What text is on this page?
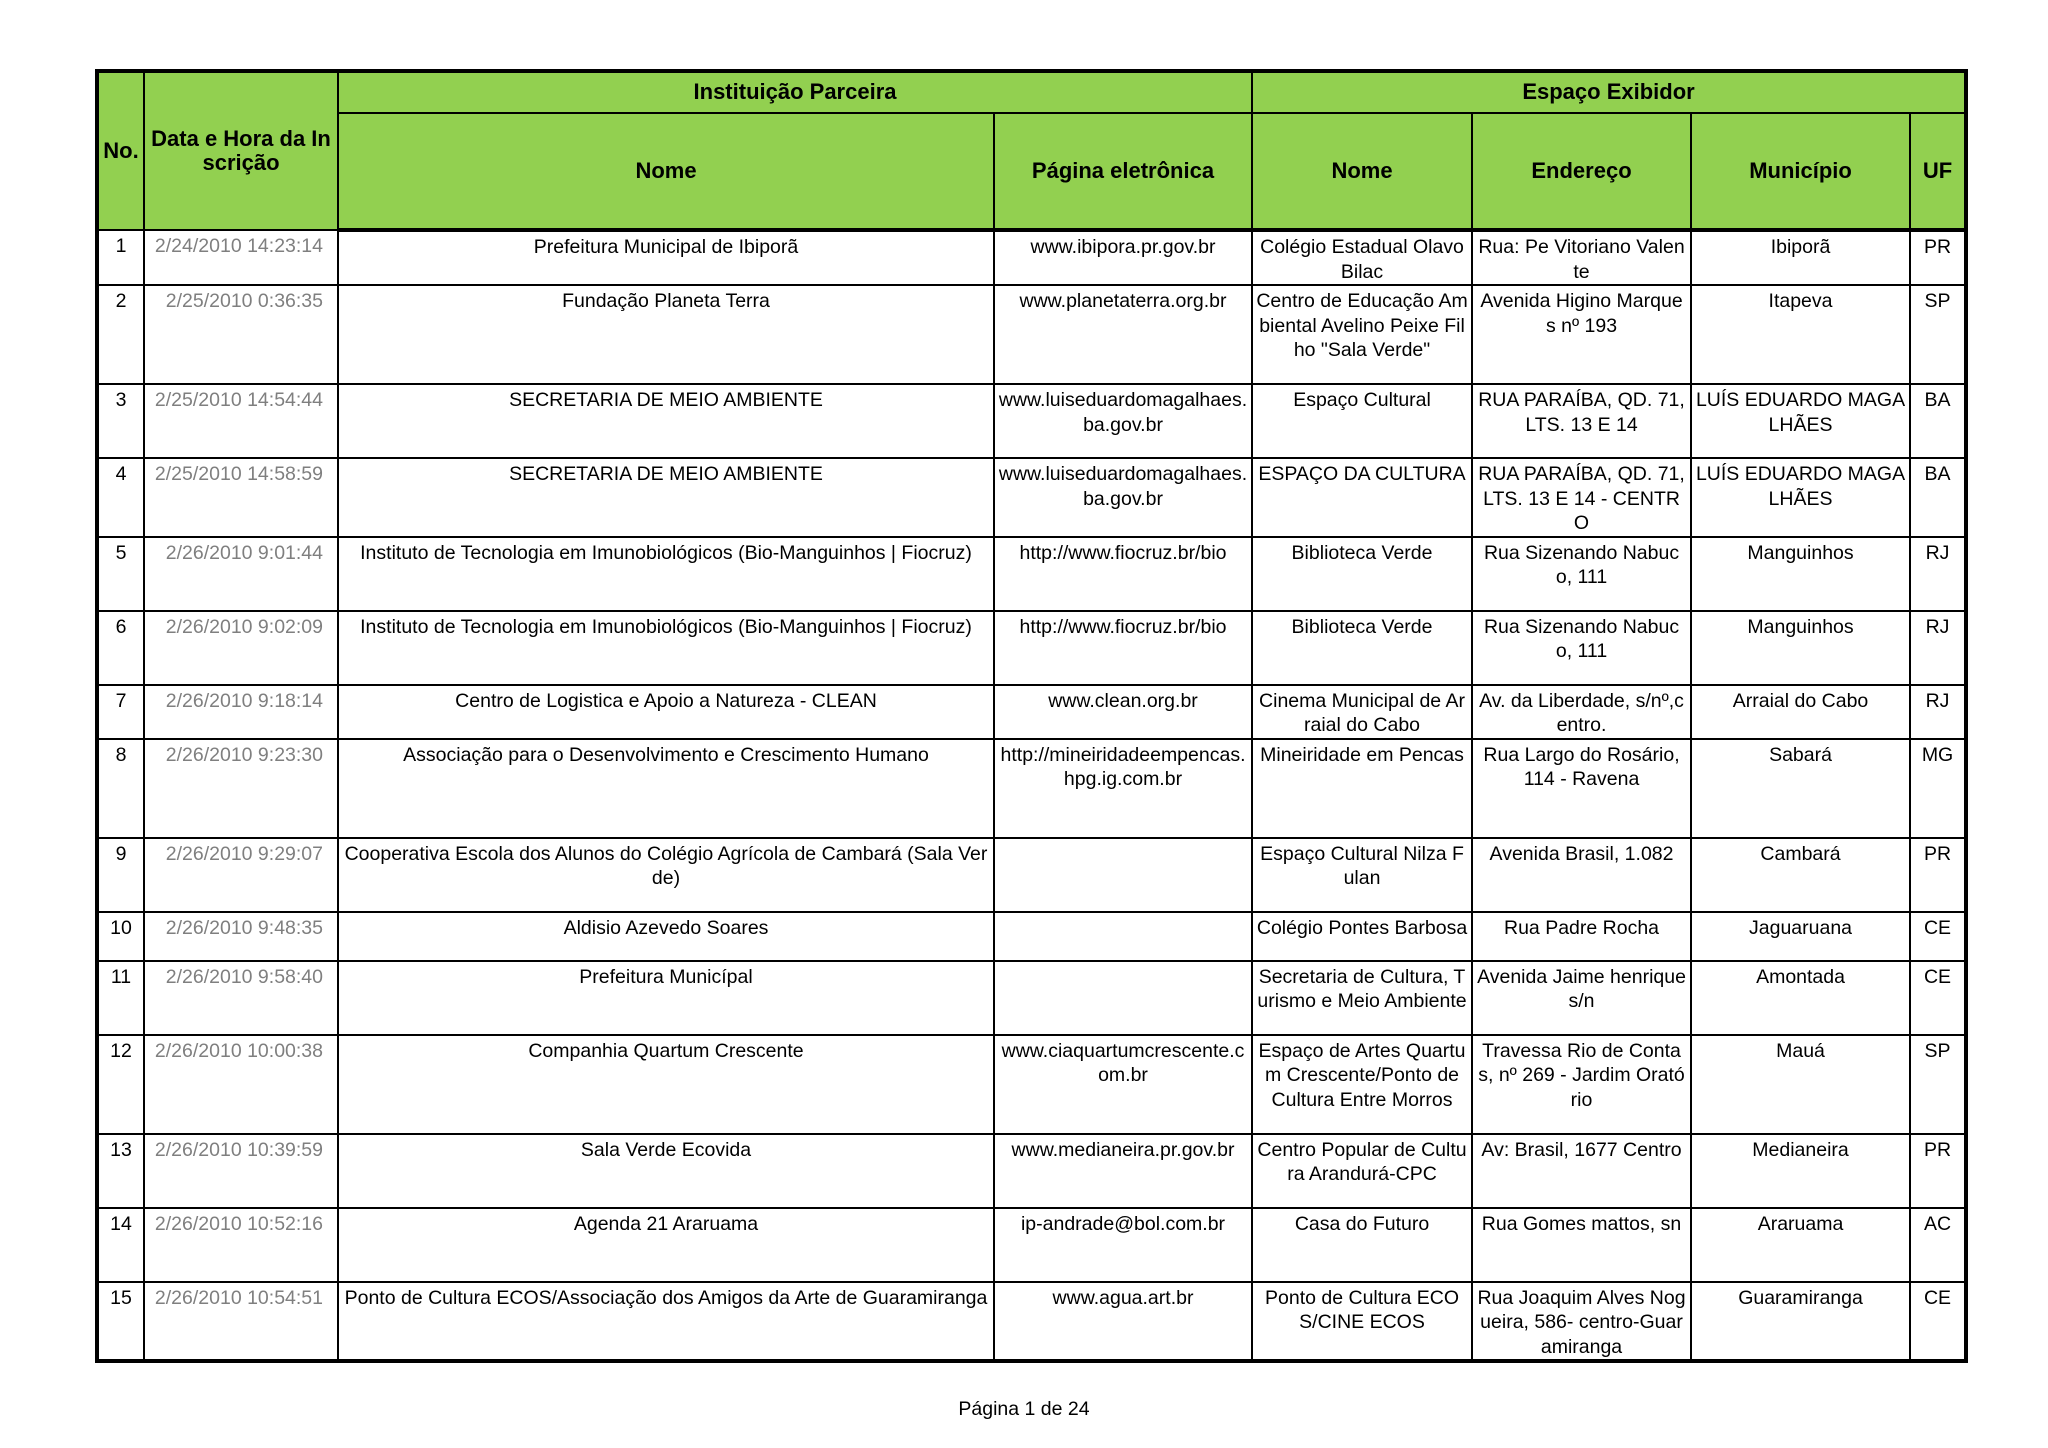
No.	Data e Hora da Inscrição	Instituição Parceira		Espaço Exibidor			
		Nome	Página eletrônica	Nome	Endereço	Município	UF
1	2/24/2010 14:23:14	Prefeitura Municipal de Ibiporã	www.ibipora.pr.gov.br	Colégio Estadual Olavo Bilac	Rua: Pe Vitoriano Valente	Ibiporã	PR
2	2/25/2010 0:36:35	Fundação Planeta Terra	www.planetaterra.org.br	Centro de Educação Ambiental Avelino Peixe Filho "Sala Verde"	Avenida Higino Marques nº 193	Itapeva	SP
3	2/25/2010 14:54:44	SECRETARIA DE MEIO AMBIENTE	www.luiseduardomagalhaes.ba.gov.br	Espaço Cultural	RUA PARAÍBA, QD. 71, LTS. 13 E 14	LUÍS EDUARDO MAGALHÃES	BA
4	2/25/2010 14:58:59	SECRETARIA DE MEIO AMBIENTE	www.luiseduardomagalhaes.ba.gov.br	ESPAÇO DA CULTURA	RUA PARAÍBA, QD. 71, LTS. 13 E 14 - CENTRO	LUÍS EDUARDO MAGALHÃES	BA
5	2/26/2010 9:01:44	Instituto de Tecnologia em Imunobiológicos (Bio-Manguinhos | Fiocruz)	http://www.fiocruz.br/bio	Biblioteca Verde	Rua Sizenando Nabuco, 111	Manguinhos	RJ
6	2/26/2010 9:02:09	Instituto de Tecnologia em Imunobiológicos (Bio-Manguinhos | Fiocruz)	http://www.fiocruz.br/bio	Biblioteca Verde	Rua Sizenando Nabuco, 111	Manguinhos	RJ
7	2/26/2010 9:18:14	Centro de Logistica e Apoio a Natureza - CLEAN	www.clean.org.br	Cinema Municipal de Arraial do Cabo	Av. da Liberdade, s/nº,centro.	Arraial do Cabo	RJ
8	2/26/2010 9:23:30	Associação para o Desenvolvimento e Crescimento Humano	http://mineiridadeempencas.hpg.ig.com.br	Mineiridade em Pencas	Rua Largo do Rosário, 114 - Ravena	Sabará	MG
9	2/26/2010 9:29:07	Cooperativa Escola dos Alunos do Colégio Agrícola de Cambará (Sala Verde)		Espaço Cultural Nilza Fulan	Avenida Brasil, 1.082	Cambará	PR
10	2/26/2010 9:48:35	Aldisio Azevedo Soares		Colégio Pontes Barbosa	Rua Padre Rocha	Jaguaruana	CE
11	2/26/2010 9:58:40	Prefeitura Municípal		Secretaria de Cultura, Turismo e Meio Ambiente	Avenida Jaime henrique s/n	Amontada	CE
12	2/26/2010 10:00:38	Companhia Quartum Crescente	www.ciaquartumcrescente.com.br	Espaço de Artes Quartum Crescente/Ponto de Cultura Entre Morros	Travessa Rio de Contas, nº 269 - Jardim Oratório	Mauá	SP
13	2/26/2010 10:39:59	Sala Verde Ecovida	www.medianeira.pr.gov.br	Centro Popular de Cultura Arandurá-CPC	Av: Brasil, 1677 Centro	Medianeira	PR
14	2/26/2010 10:52:16	Agenda 21 Araruama	ip-andrade@bol.com.br	Casa do Futuro	Rua Gomes mattos, sn	Araruama	AC
15	2/26/2010 10:54:51	Ponto de Cultura ECOS/Associação dos Amigos da Arte de Guaramiranga	www.agua.art.br	Ponto de Cultura ECOS/CINE ECOS	Rua Joaquim Alves Nogueira, 586- centro-Guaramiranga	Guaramiranga	CE
Página 1 de 24
